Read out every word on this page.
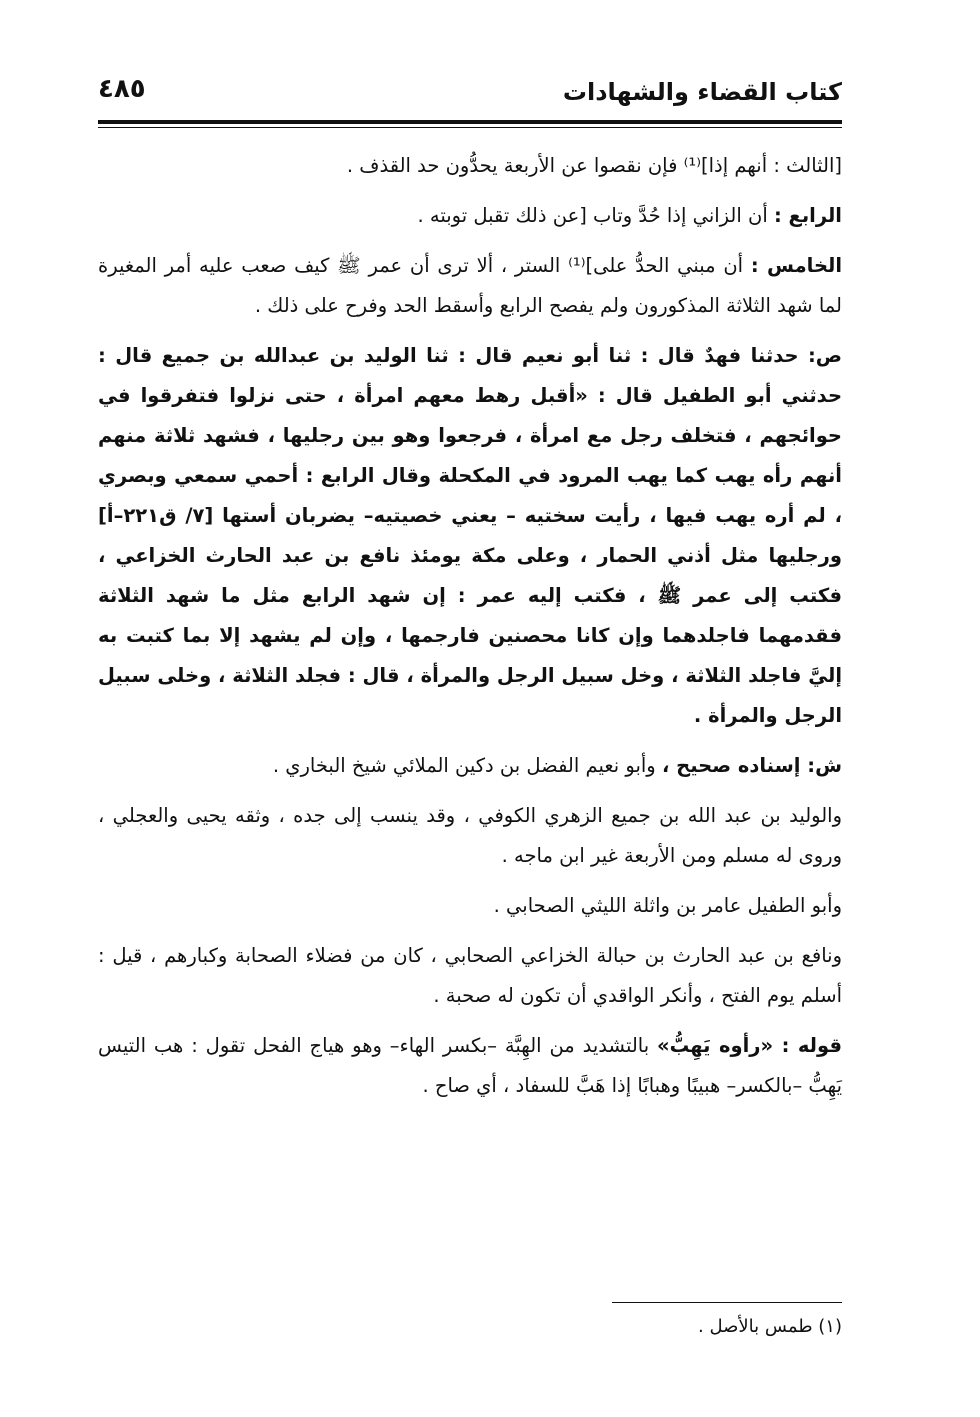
كتاب القضاء والشهادات
٤٨٥

[الثالث : أنهم إذا]⁽¹⁾ فإن نقصوا عن الأربعة يحدُّون حد القذف .

الرابع : أن الزاني إذا حُدَّ وتاب [عن ذلك تقبل توبته .

الخامس : أن مبني الحدُّ على]⁽¹⁾ الستر ، ألا ترى أن عمر ﷺ كيف صعب عليه أمر المغيرة لما شهد الثلاثة المذكورون ولم يفصح الرابع وأسقط الحد وفرح على ذلك .

ص: حدثنا فهدٌ قال : ثنا أبو نعيم قال : ثنا الوليد بن عبدالله بن جميع قال : حدثني أبو الطفيل قال : «أقبل رهط معهم امرأة ، حتى نزلوا فتفرقوا في حوائجهم ، فتخلف رجل مع امرأة ، فرجعوا وهو بين رجليها ، فشهد ثلاثة منهم أنهم رأه يهب كما يهب المرود في المكحلة وقال الرابع : أحمي سمعي وبصري ، لم أره يهب فيها ، رأيت سختيه – يعني خصيتيه– يضربان أستها [٧/ ق٢٢١–أ] ورجليها مثل أذني الحمار ، وعلى مكة يومئذ نافع بن عبد الحارث الخزاعي ، فكتب إلى عمر ﷺ ، فكتب إليه عمر : إن شهد الرابع مثل ما شهد الثلاثة فقدمهما فاجلدهما وإن كانا محصنين فارجمها ، وإن لم يشهد إلا بما كتبت به إليَّ فاجلد الثلاثة ، وخل سبيل الرجل والمرأة ، قال : فجلد الثلاثة ، وخلى سبيل الرجل والمرأة .

ش: إسناده صحيح ، وأبو نعيم الفضل بن دكين الملائي شيخ البخاري .

والوليد بن عبد الله بن جميع الزهري الكوفي ، وقد ينسب إلى جده ، وثقه يحيى والعجلي ، وروى له مسلم ومن الأربعة غير ابن ماجه .

وأبو الطفيل عامر بن واثلة الليثي الصحابي .

ونافع بن عبد الحارث بن حبالة الخزاعي الصحابي ، كان من فضلاء الصحابة وكبارهم ، قيل : أسلم يوم الفتح ، وأنكر الواقدي أن تكون له صحبة .

قوله : «رأوه يَهِبُّ» بالتشديد من الهِبَّة –بكسر الهاء– وهو هياج الفحل تقول : هب التيس يَهِبُّ –بالكسر– هبيبًا وهبابًا إذا هَبَّ للسفاد ، أي صاح .

(١) طمس بالأصل .
